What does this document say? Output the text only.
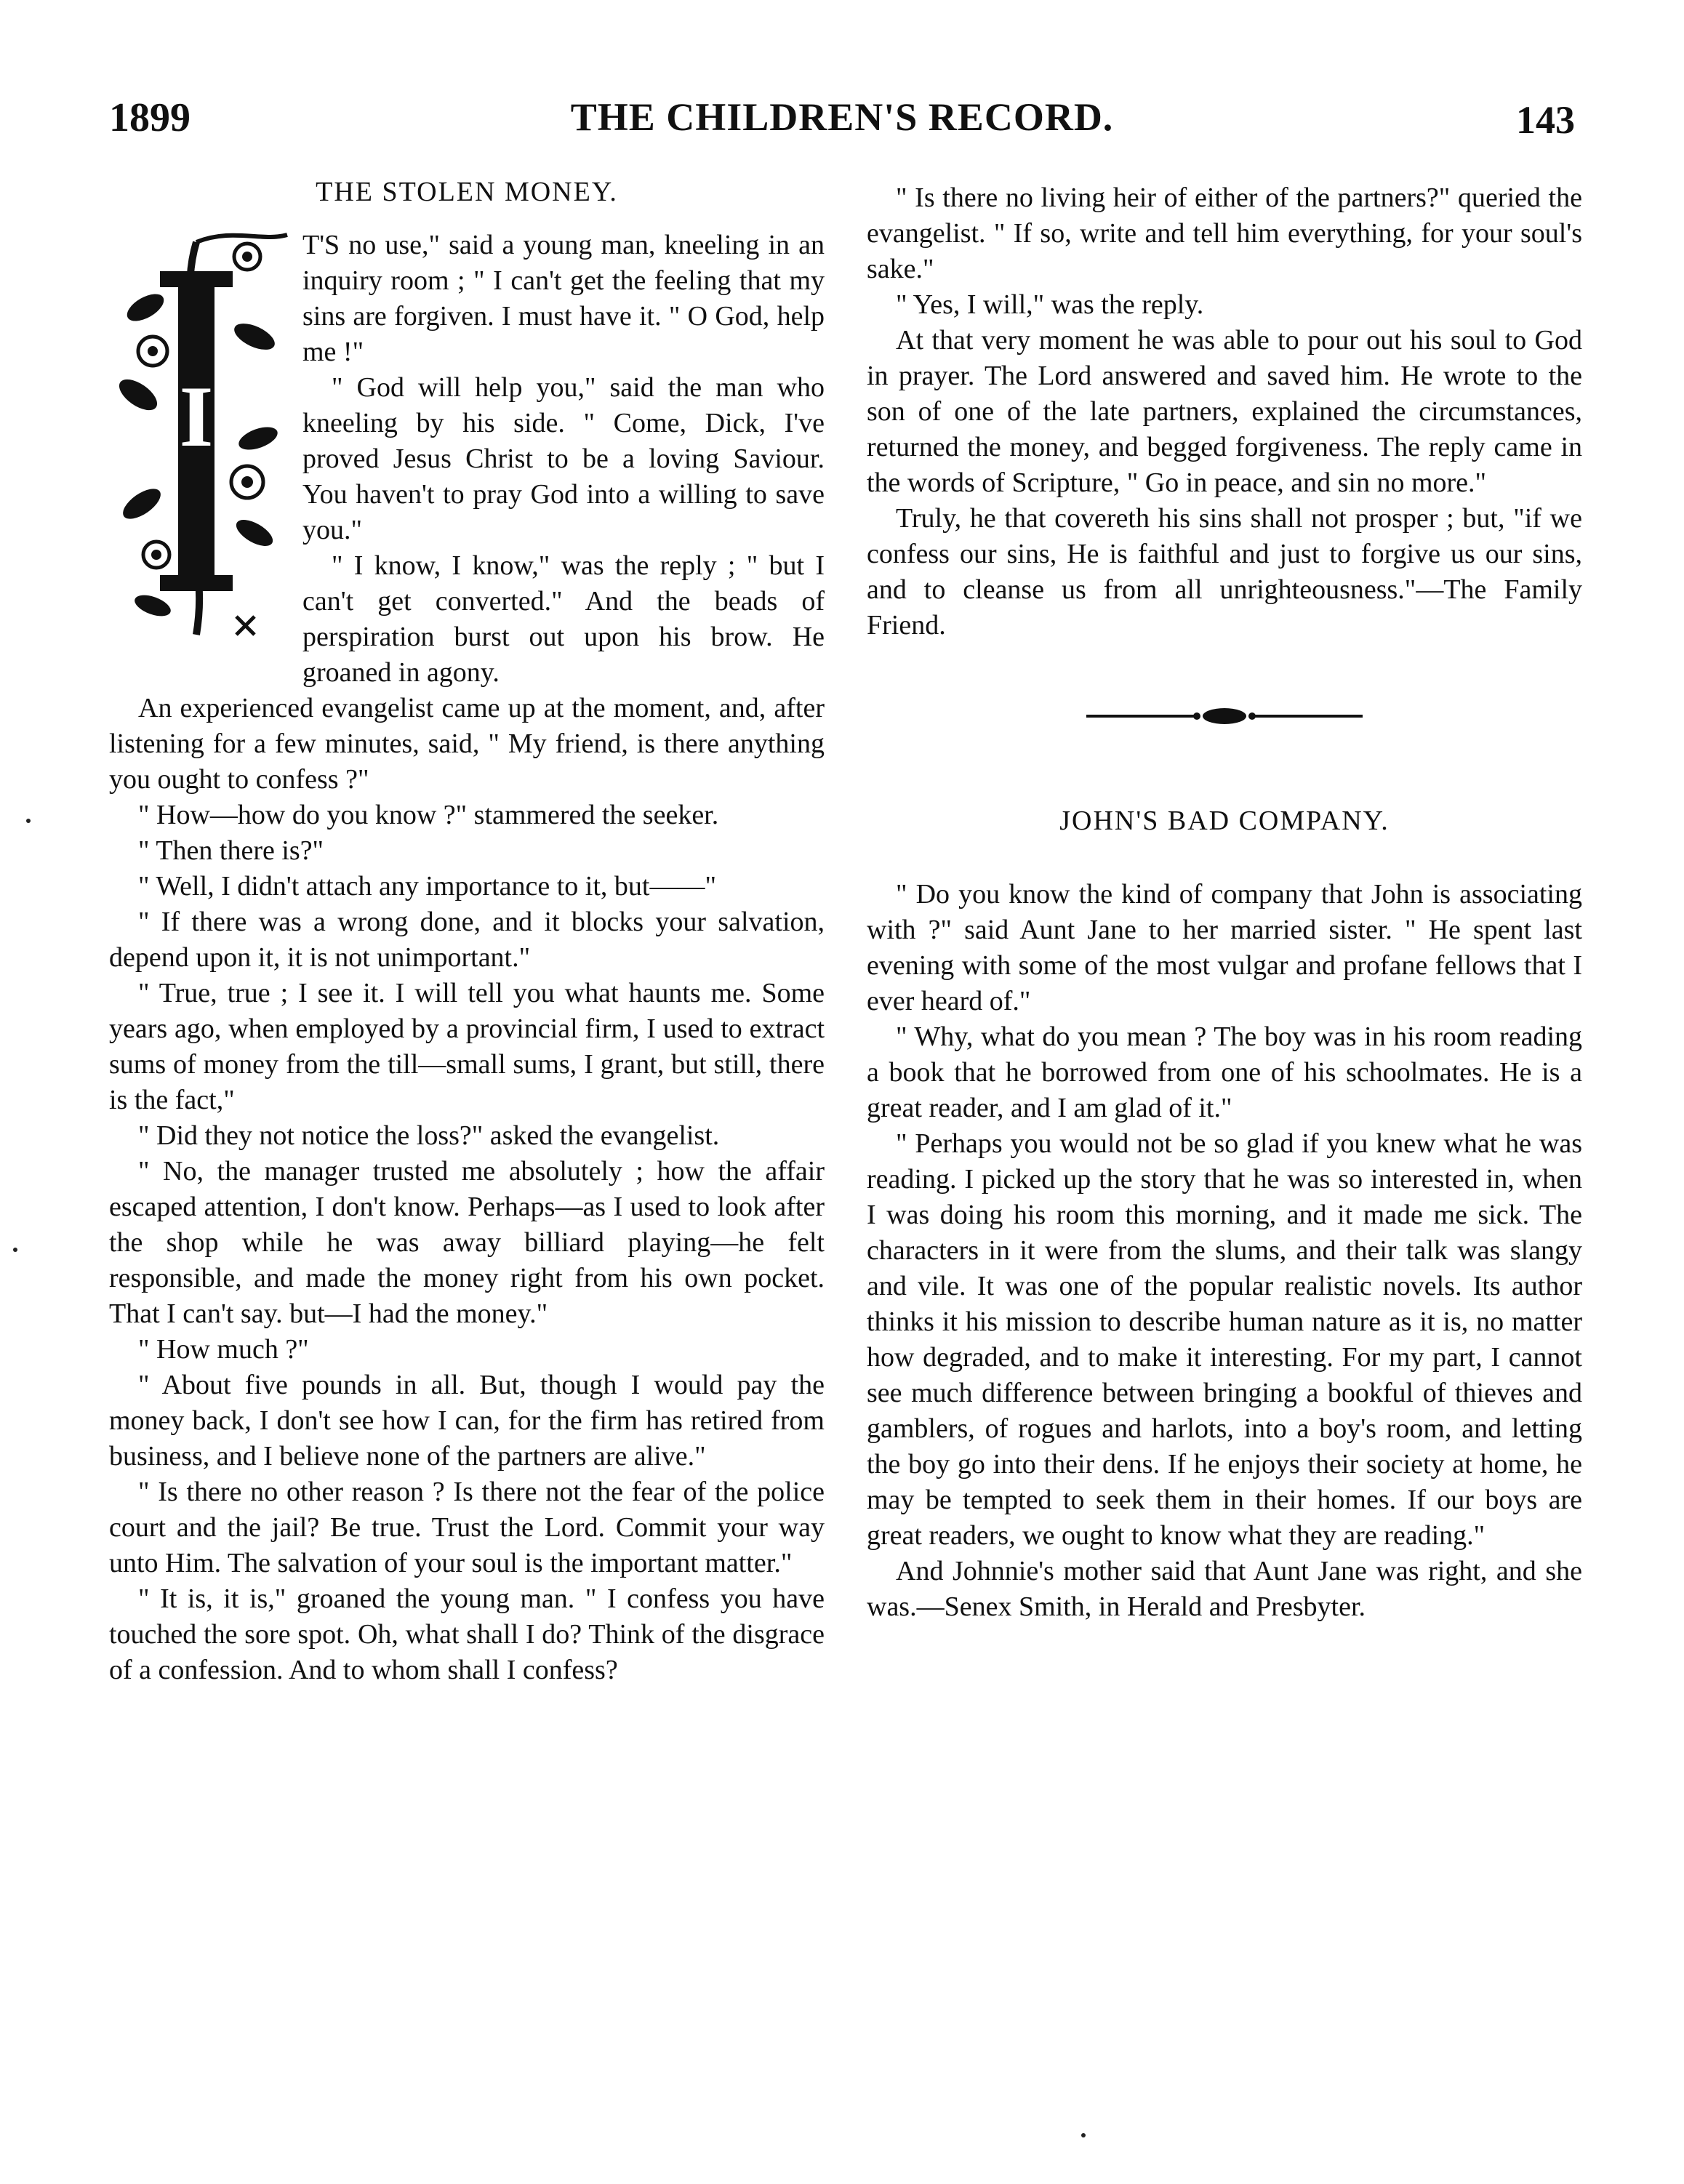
1899	THE CHILDREN'S RECORD.	143
THE STOLEN MONEY.
I

T'S no use," said a young man, kneeling in an inquiry room ; " I can't get the feeling that my sins are forgiven. I must have it. " O God, help me !"

" God will help you," said the man who kneeling by his side. " Come, Dick, I've proved Jesus Christ to be a loving Saviour. You haven't to pray God into a willing to save you."

" I know, I know," was the reply ; " but I can't get converted." And the beads of perspiration burst out upon his brow. He groaned in agony.

An experienced evangelist came up at the moment, and, after listening for a few minutes, said, " My friend, is there anything you ought to confess ?"

" How—how do you know ?" stammered the seeker.

" Then there is?"

" Well, I didn't attach any importance to it, but——"

" If there was a wrong done, and it blocks your salvation, depend upon it, it is not unimportant."

" True, true ; I see it. I will tell you what haunts me. Some years ago, when employed by a provincial firm, I used to extract sums of money from the till—small sums, I grant, but still, there is the fact,"

" Did they not notice the loss?" asked the evangelist.

" No, the manager trusted me absolutely ; how the affair escaped attention, I don't know. Perhaps—as I used to look after the shop while he was away billiard playing—he felt responsible, and made the money right from his own pocket. That I can't say. but—I had the money."

" How much ?"

" About five pounds in all. But, though I would pay the money back, I don't see how I can, for the firm has retired from business, and I believe none of the partners are alive."

" Is there no other reason ? Is there not the fear of the police court and the jail? Be true. Trust the Lord. Commit your way unto Him. The salvation of your soul is the important matter."

" It is, it is," groaned the young man. " I confess you have touched the sore spot. Oh, what shall I do? Think of the disgrace of a confession. And to whom shall I confess?

" Is there no living heir of either of the partners?" queried the evangelist. " If so, write and tell him everything, for your soul's sake."

" Yes, I will," was the reply.

At that very moment he was able to pour out his soul to God in prayer. The Lord answered and saved him. He wrote to the son of one of the late partners, explained the circumstances, returned the money, and begged forgiveness. The reply came in the words of Scripture, " Go in peace, and sin no more."

Truly, he that covereth his sins shall not prosper ; but, "if we confess our sins, He is faithful and just to forgive us our sins, and to cleanse us from all unrighteousness."—The Family Friend.

JOHN'S BAD COMPANY.

" Do you know the kind of company that John is associating with ?" said Aunt Jane to her married sister. " He spent last evening with some of the most vulgar and profane fellows that I ever heard of."

" Why, what do you mean ? The boy was in his room reading a book that he borrowed from one of his schoolmates. He is a great reader, and I am glad of it."

" Perhaps you would not be so glad if you knew what he was reading. I picked up the story that he was so interested in, when I was doing his room this morning, and it made me sick. The characters in it were from the slums, and their talk was slangy and vile. It was one of the popular realistic novels. Its author thinks it his mission to describe human nature as it is, no matter how degraded, and to make it interesting. For my part, I cannot see much difference between bringing a bookful of thieves and gamblers, of rogues and harlots, into a boy's room, and letting the boy go into their dens. If he enjoys their society at home, he may be tempted to seek them in their homes. If our boys are great readers, we ought to know what they are reading."

And Johnnie's mother said that Aunt Jane was right, and she was.—Senex Smith, in Herald and Presbyter.
